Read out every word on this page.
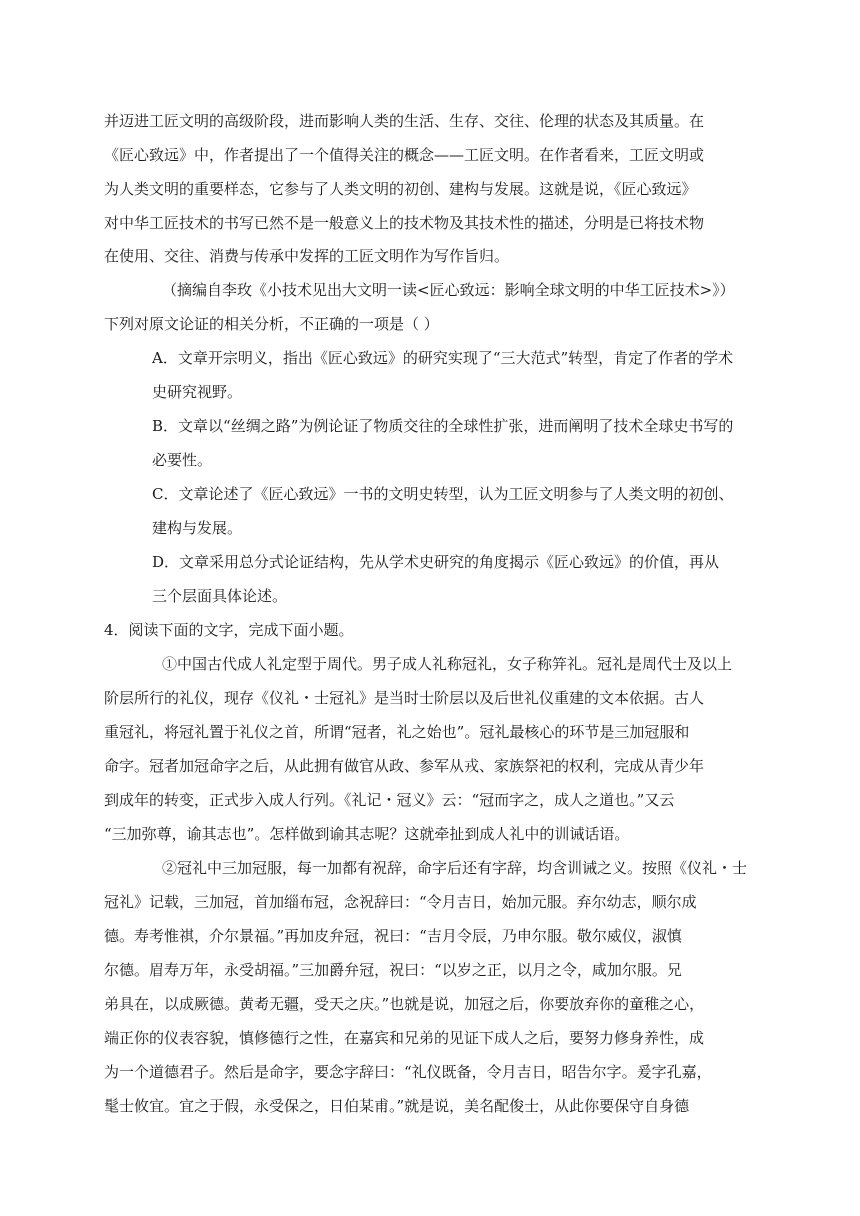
并迈进工匠文明的高级阶段，进而影响人类的生活、生存、交往、伦理的状态及其质量。在
《匠心致远》中，作者提出了一个值得关注的概念——工匠文明。在作者看来，工匠文明或
为人类文明的重要样态，它参与了人类文明的初创、建构与发展。这就是说，《匠心致远》
对中华工匠技术的书写已然不是一般意义上的技术物及其技术性的描述，分明是已将技术物
在使用、交往、消费与传承中发挥的工匠文明作为写作旨归。
（摘编自李玫《小技术见出大文明一读<匠心致远：影响全球文明的中华工匠技术>》）
下列对原文论证的相关分析，不正确的一项是（ ）
A．文章开宗明义，指出《匠心致远》的研究实现了“三大范式”转型，肯定了作者的学术
史研究视野。
B．文章以“丝绸之路”为例论证了物质交往的全球性扩张，进而阐明了技术全球史书写的
必要性。
C．文章论述了《匠心致远》一书的文明史转型，认为工匠文明参与了人类文明的初创、
建构与发展。
D．文章采用总分式论证结构，先从学术史研究的角度揭示《匠心致远》的价值，再从
三个层面具体论述。
4．阅读下面的文字，完成下面小题。
①中国古代成人礼定型于周代。男子成人礼称冠礼，女子称笄礼。冠礼是周代士及以上
阶层所行的礼仪，现存《仪礼・士冠礼》是当时士阶层以及后世礼仪重建的文本依据。古人
重冠礼，将冠礼置于礼仪之首，所谓“冠者，礼之始也”。冠礼最核心的环节是三加冠服和
命字。冠者加冠命字之后，从此拥有做官从政、参军从戎、家族祭祀的权利，完成从青少年
到成年的转变，正式步入成人行列。《礼记・冠义》云：“冠而字之，成人之道也。”又云
“三加弥尊，谕其志也”。怎样做到谕其志呢？这就牵扯到成人礼中的训诫话语。
②冠礼中三加冠服，每一加都有祝辞，命字后还有字辞，均含训诫之义。按照《仪礼・士
冠礼》记载，三加冠，首加缁布冠，念祝辞曰：“令月吉日，始加元服。弃尔幼志，顺尔成
德。寿考惟祺，介尔景福。”再加皮弁冠，祝曰：“吉月令辰，乃申尔服。敬尔威仪，淑慎
尔德。眉寿万年，永受胡福。”三加爵弁冠，祝曰：“以岁之正，以月之令，咸加尔服。兄
弟具在，以成厥德。黄耇无疆，受天之庆。”也就是说，加冠之后，你要放弃你的童稚之心，
端正你的仪表容貌，慎修德行之性，在嘉宾和兄弟的见证下成人之后，要努力修身养性，成
为一个道德君子。然后是命字，要念字辞曰：“礼仪既备，令月吉日，昭告尔字。爰字孔嘉，
髦士攸宜。宜之于假，永受保之，日伯某甫。”就是说，美名配俊士，从此你要保守自身德
